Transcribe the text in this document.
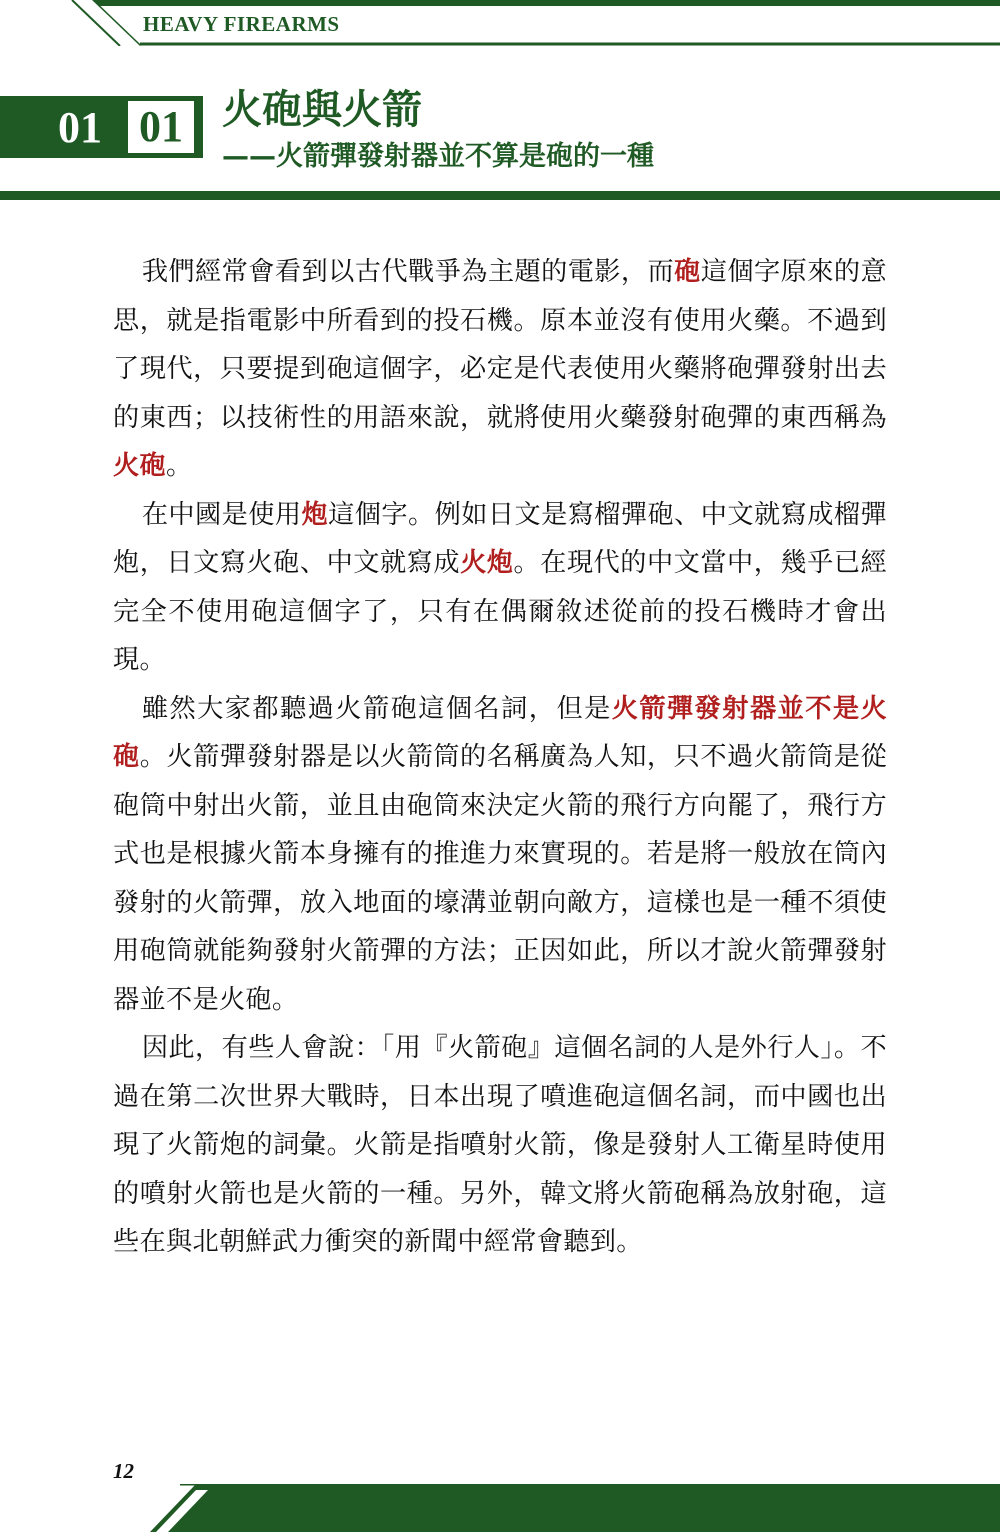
HEAVY FIREARMS
01 01 火砲與火箭
——火箭彈發射器並不算是砲的一種

我們經常會看到以古代戰爭為主題的電影，而砲這個字原來的意思，就是指電影中所看到的投石機。原本並沒有使用火藥。不過到了現代，只要提到砲這個字，必定是代表使用火藥將砲彈發射出去的東西；以技術性的用語來說，就將使用火藥發射砲彈的東西稱為火砲。

在中國是使用炮這個字。例如日文是寫榴彈砲、中文就寫成榴彈炮，日文寫火砲、中文就寫成火炮。在現代的中文當中，幾乎已經完全不使用砲這個字了，只有在偶爾敘述從前的投石機時才會出現。

雖然大家都聽過火箭砲這個名詞，但是火箭彈發射器並不是火砲。火箭彈發射器是以火箭筒的名稱廣為人知，只不過火箭筒是從砲筒中射出火箭，並且由砲筒來決定火箭的飛行方向罷了，飛行方式也是根據火箭本身擁有的推進力來實現的。若是將一般放在筒內發射的火箭彈，放入地面的壕溝並朝向敵方，這樣也是一種不須使用砲筒就能夠發射火箭彈的方法；正因如此，所以才說火箭彈發射器並不是火砲。

因此，有些人會說：「用『火箭砲』這個名詞的人是外行人」。不過在第二次世界大戰時，日本出現了噴進砲這個名詞，而中國也出現了火箭炮的詞彙。火箭是指噴射火箭，像是發射人工衛星時使用的噴射火箭也是火箭的一種。另外，韓文將火箭砲稱為放射砲，這些在與北朝鮮武力衝突的新聞中經常會聽到。

12
